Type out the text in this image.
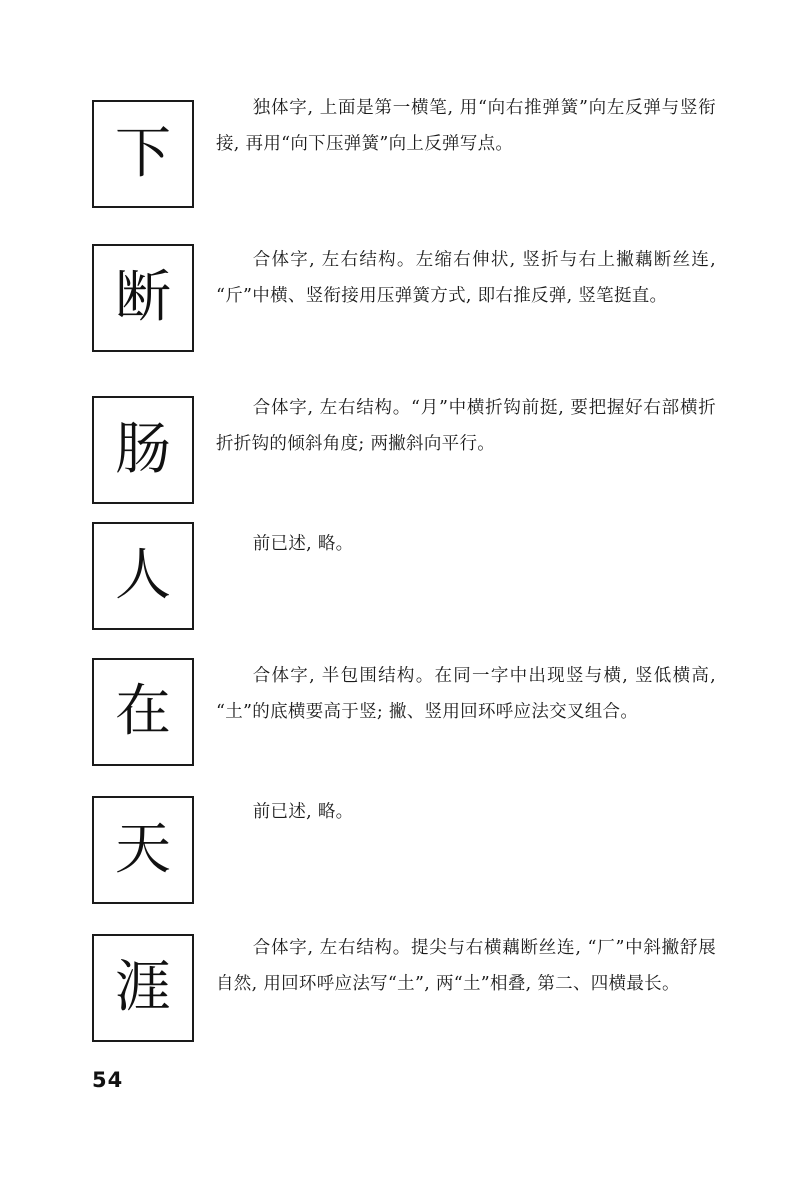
下

独体字, 上面是第一横笔, 用“向右推弹簧”向左反弹与竖衔接, 再用“向下压弹簧”向上反弹写点。

断

合体字, 左右结构。左缩右伸状, 竖折与右上撇藕断丝连, “斤”中横、竖衔接用压弹簧方式, 即右推反弹, 竖笔挺直。

肠

合体字, 左右结构。“月”中横折钩前挺, 要把握好右部横折折折钩的倾斜角度; 两撇斜向平行。

人	前已述, 略。

在

合体字, 半包围结构。在同一字中出现竖与横, 竖低横高, “土”的底横要高于竖; 撇、竖用回环呼应法交叉组合。

天

前已述, 略。

涯

合体字, 左右结构。提尖与右横藕断丝连, “厂”中斜撇舒展自然, 用回环呼应法写“土”, 两“土”相叠, 第二、四横最长。

54
